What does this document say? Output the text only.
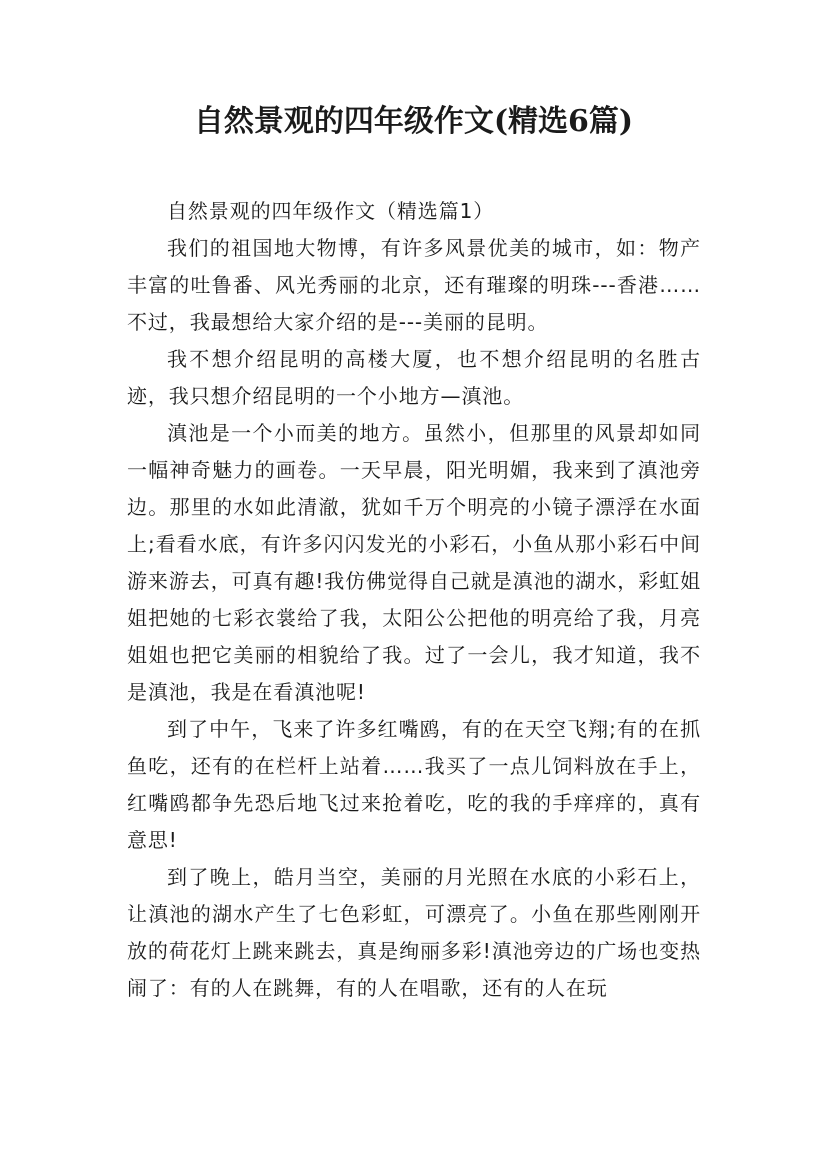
自然景观的四年级作文(精选6篇)

自然景观的四年级作文（精选篇1）

我们的祖国地大物博，有许多风景优美的城市，如：物产丰富的吐鲁番、风光秀丽的北京，还有璀璨的明珠---香港……不过，我最想给大家介绍的是---美丽的昆明。

我不想介绍昆明的高楼大厦，也不想介绍昆明的名胜古迹，我只想介绍昆明的一个小地方—滇池。

滇池是一个小而美的地方。虽然小，但那里的风景却如同一幅神奇魅力的画卷。一天早晨，阳光明媚，我来到了滇池旁边。那里的水如此清澈，犹如千万个明亮的小镜子漂浮在水面上;看看水底，有许多闪闪发光的小彩石，小鱼从那小彩石中间游来游去，可真有趣!我仿佛觉得自己就是滇池的湖水，彩虹姐姐把她的七彩衣裳给了我，太阳公公把他的明亮给了我，月亮姐姐也把它美丽的相貌给了我。过了一会儿，我才知道，我不是滇池，我是在看滇池呢!

到了中午，飞来了许多红嘴鸥，有的在天空飞翔;有的在抓鱼吃，还有的在栏杆上站着……我买了一点儿饲料放在手上，红嘴鸥都争先恐后地飞过来抢着吃，吃的我的手痒痒的，真有意思!

到了晚上，皓月当空，美丽的月光照在水底的小彩石上，让滇池的湖水产生了七色彩虹，可漂亮了。小鱼在那些刚刚开放的荷花灯上跳来跳去，真是绚丽多彩!滇池旁边的广场也变热闹了：有的人在跳舞，有的人在唱歌，还有的人在玩
